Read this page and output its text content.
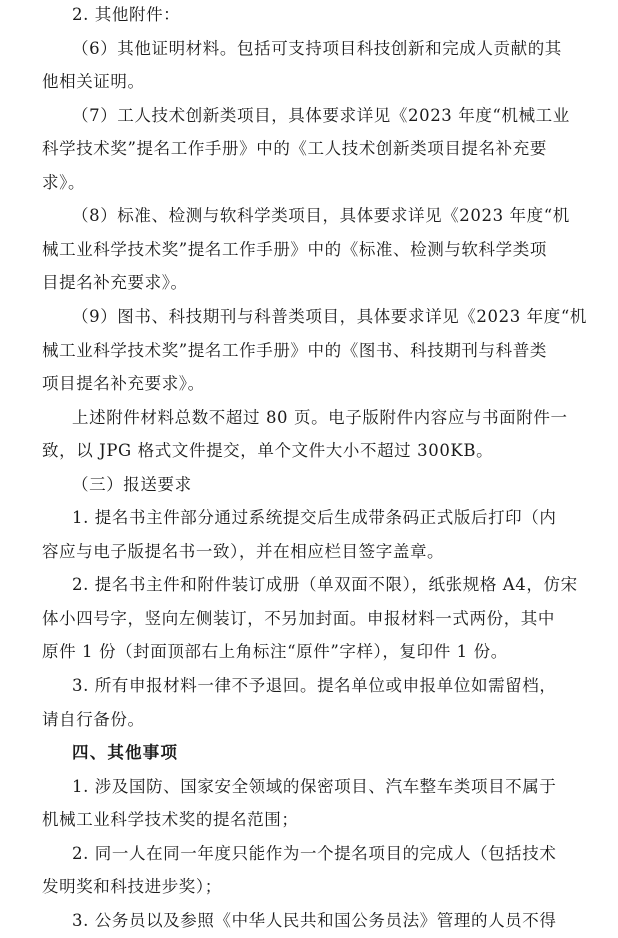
2. 其他附件：
（6）其他证明材料。包括可支持项目科技创新和完成人贡献的其
他相关证明。
（7）工人技术创新类项目，具体要求详见《2023 年度“机械工业
科学技术奖”提名工作手册》中的《工人技术创新类项目提名补充要
求》。
（8）标准、检测与软科学类项目，具体要求详见《2023 年度“机
械工业科学技术奖”提名工作手册》中的《标准、检测与软科学类项
目提名补充要求》。
（9）图书、科技期刊与科普类项目，具体要求详见《2023 年度“机
械工业科学技术奖”提名工作手册》中的《图书、科技期刊与科普类
项目提名补充要求》。
上述附件材料总数不超过 80 页。电子版附件内容应与书面附件一
致，以 JPG 格式文件提交，单个文件大小不超过 300KB。
（三）报送要求
1. 提名书主件部分通过系统提交后生成带条码正式版后打印（内
容应与电子版提名书一致），并在相应栏目签字盖章。
2. 提名书主件和附件装订成册（单双面不限），纸张规格 A4，仿宋
体小四号字，竖向左侧装订，不另加封面。申报材料一式两份，其中
原件 1 份（封面顶部右上角标注“原件”字样），复印件 1 份。
3. 所有申报材料一律不予退回。提名单位或申报单位如需留档，
请自行备份。
四、其他事项
1. 涉及国防、国家安全领域的保密项目、汽车整车类项目不属于
机械工业科学技术奖的提名范围；
2. 同一人在同一年度只能作为一个提名项目的完成人（包括技术
发明奖和科技进步奖）；
3. 公务员以及参照《中华人民共和国公务员法》管理的人员不得
